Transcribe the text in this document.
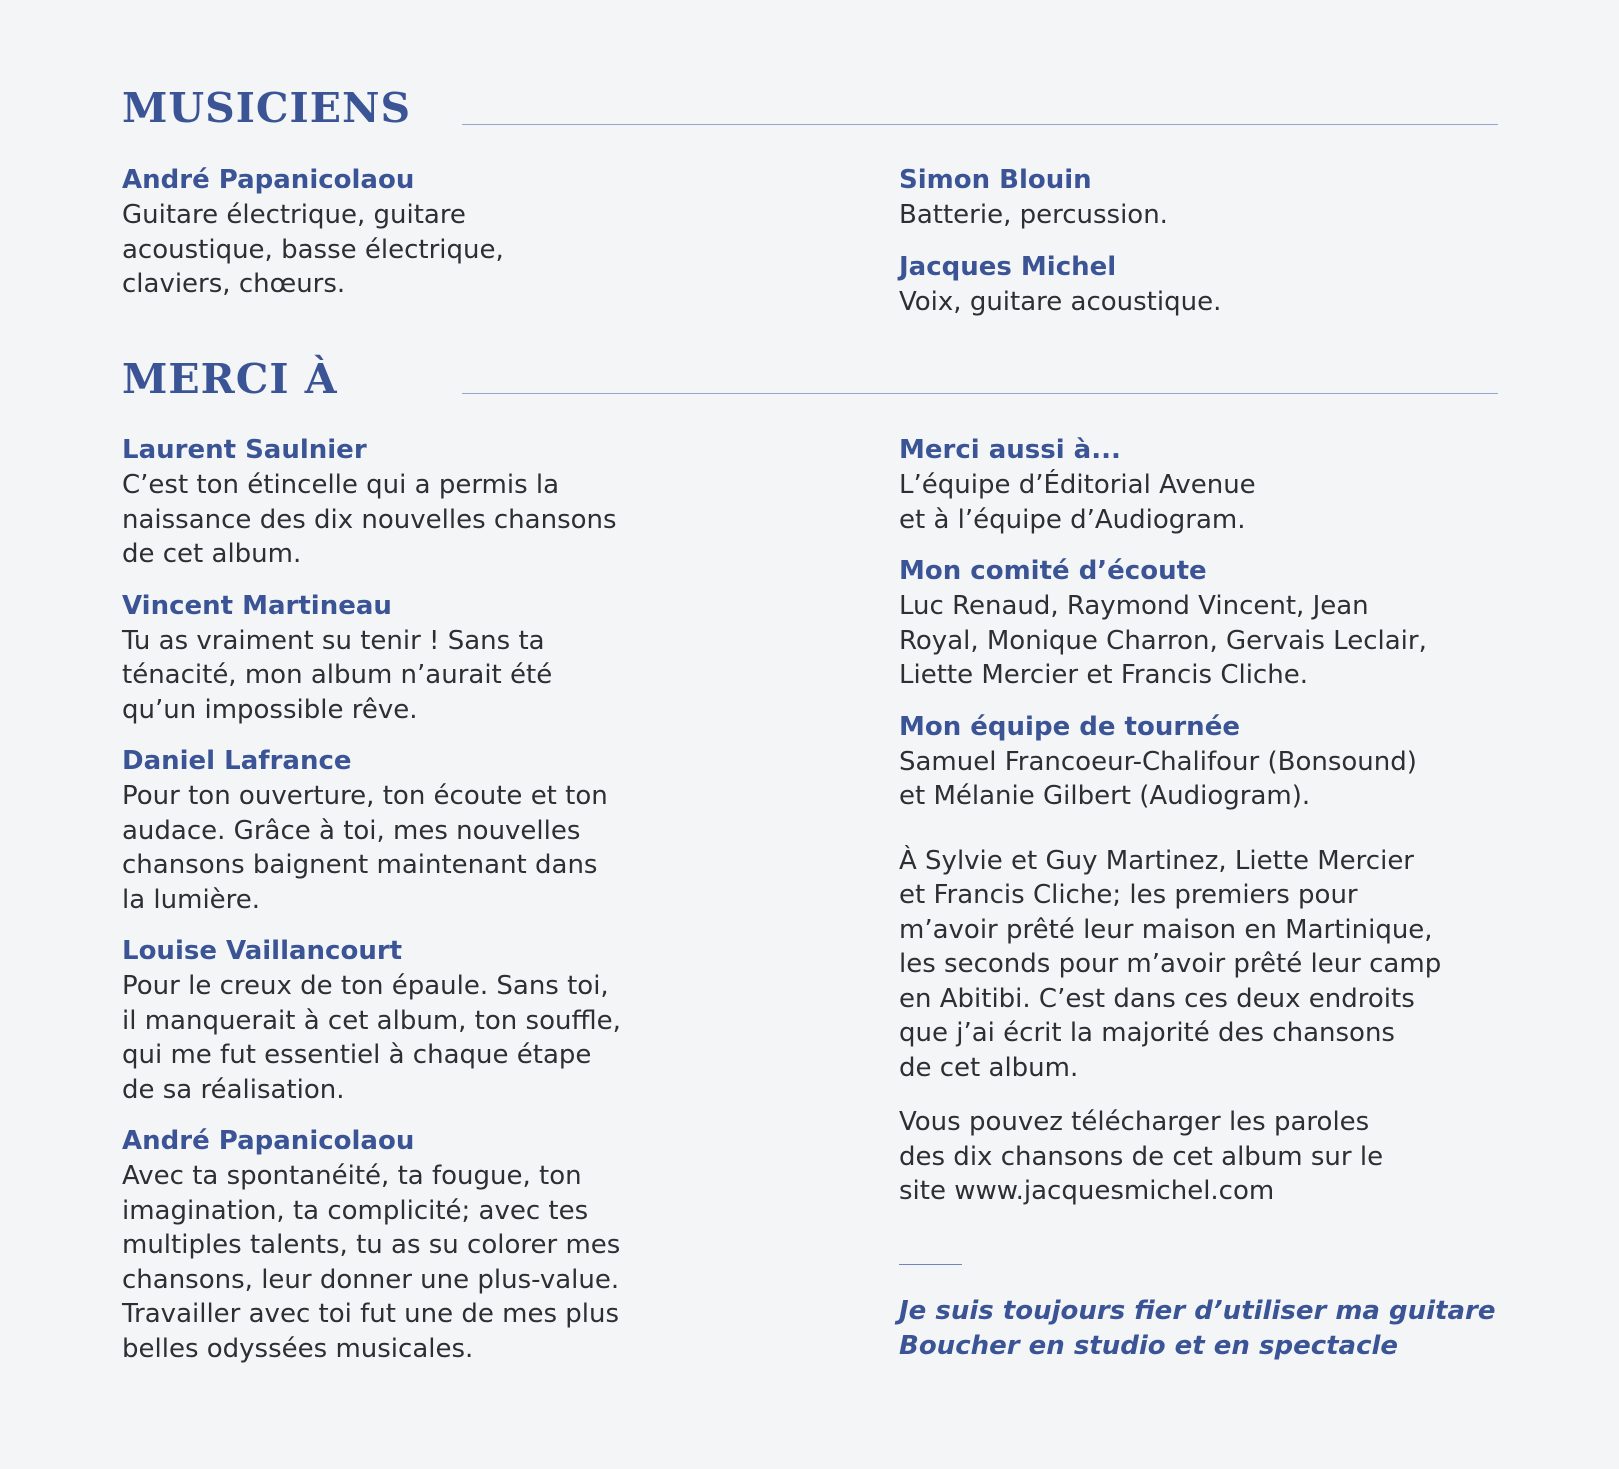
MUSICIENS

André Papanicolaou

Guitare électrique, guitare

acoustique, basse électrique,

claviers, chœurs.

Simon Blouin

Batterie, percussion.

Jacques Michel

Voix, guitare acoustique.

MERCI À

Laurent Saulnier

C’est ton étincelle qui a permis la

naissance des dix nouvelles chansons

de cet album.

Vincent Martineau

Tu as vraiment su tenir ! Sans ta

ténacité, mon album n’aurait été

qu’un impossible rêve.

Daniel Lafrance

Pour ton ouverture, ton écoute et ton

audace. Grâce à toi, mes nouvelles

chansons baignent maintenant dans

la lumière.

Louise Vaillancourt

Pour le creux de ton épaule. Sans toi,

il manquerait à cet album, ton souffle,

qui me fut essentiel à chaque étape

de sa réalisation.

André Papanicolaou

Avec ta spontanéité, ta fougue, ton

imagination, ta complicité; avec tes

multiples talents, tu as su colorer mes

chansons, leur donner une plus-value.

Travailler avec toi fut une de mes plus

belles odyssées musicales.

Merci aussi à...

L’équipe d’Éditorial Avenue

et à l’équipe d’Audiogram.

Mon comité d’écoute

Luc Renaud, Raymond Vincent, Jean

Royal, Monique Charron, Gervais Leclair,

Liette Mercier et Francis Cliche.

Mon équipe de tournée

Samuel Francoeur-Chalifour (Bonsound)

et Mélanie Gilbert (Audiogram).

À Sylvie et Guy Martinez, Liette Mercier

et Francis Cliche; les premiers pour

m’avoir prêté leur maison en Martinique,

les seconds pour m’avoir prêté leur camp

en Abitibi. C’est dans ces deux endroits

que j’ai écrit la majorité des chansons

de cet album.

Vous pouvez télécharger les paroles

des dix chansons de cet album sur le

site www.jacquesmichel.com

Je suis toujours fier d’utiliser ma guitare
Boucher en studio et en spectacle
